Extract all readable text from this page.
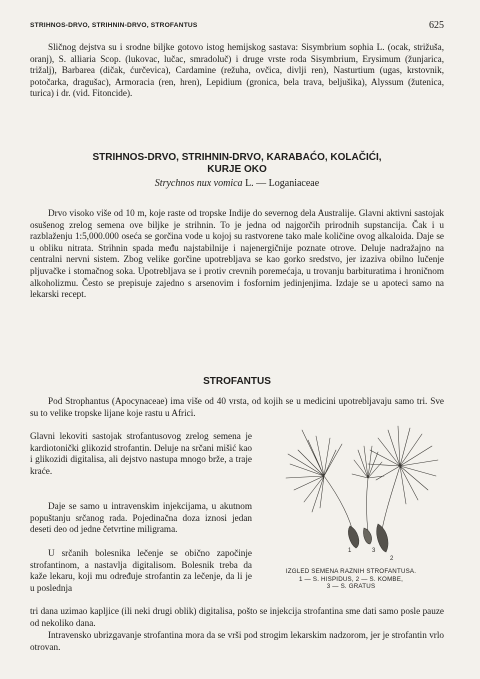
STRIHNOS-DRVO, STRIHNIN-DRVO, STROFANTUS	625

Sličnog dejstva su i srodne biljke gotovo istog hemijskog sastava: Sisymbrium sophia L. (ocak, strižuša, oranj), S. alliaria Scop. (lukovac, lučac, smradoluč) i druge vrste roda Sisymbrium, Erysimum (žunjarica, trižalj), Barbarea (dičak, ćurčevica), Cardamine (režuha, ovčica, divlji ren), Nasturtium (ugas, krstovnik, potočarka, dragušac), Armoracia (ren, hren), Lepidium (gronica, bela trava, beljušika), Alyssum (žutenica, turica) i dr. (vid. Fitoncide).

STRIHNOS-DRVO, STRIHNIN-DRVO, KARABAĆO, KOLAČIĆI,

KURJE OKO

Strychnos nux vomica L. — Loganiaceae

Drvo visoko više od 10 m, koje raste od tropske Indije do severnog dela Australije. Glavni aktivni sastojak osušenog zrelog semena ove biljke je strihnin. To je jedna od najgorčih prirodnih supstancija. Čak i u razblaženju 1:5,000.000 oseća se gorčina vode u kojoj su rastvorene tako male količine ovog alkaloida. Daje se u obliku nitrata. Strihnin spada među najstabilnije i najenergičnije poznate otrove. Deluje nadražajno na centralni nervni sistem. Zbog velike gorčine upotrebljava se kao gorko sredstvo, jer izaziva obilno lučenje pljuvačke i stomačnog soka. Upotrebljava se i protiv crevnih poremećaja, u trovanju barbituratima i hroničnom alkoholizmu. Često se prepisuje zajedno s arsenovim i fosfornim jedinjenjima. Izdaje se u apoteci samo na lekarski recept.

STROFANTUS

Pod Strophantus (Apocynaceae) ima više od 40 vrsta, od kojih se u medicini upotrebljavaju samo tri. Sve su to velike tropske lijane koje rastu u Africi.

Glavni lekoviti sastojak strofantusovog zrelog semena je kardiotonički glikozid strofantin. Deluje na srčani mišić kao i glikozidi digitalisa, ali dejstvo nastupa mnogo brže, a traje kraće.

Daje se samo u intravenskim injekcijama, u akutnom popuštanju srčanog rada. Pojedinačna doza iznosi jedan deseti deo od jedne četvrtine miligrama.

U srčanih bolesnika lečenje se obično započinje strofantinom, a nastavlja digitalisom. Bolesnik treba da kaže lekaru, koji mu određuje strofantin za lečenje, da li je u poslednja

tri dana uzimao kapljice (ili neki drugi oblik) digitalisa, pošto se injekcija strofantina sme dati samo posle pauze od nekoliko dana.

Intravensko ubrizgavanje strofantina mora da se vrši pod strogim lekarskim nadzorom, jer je strofantin vrlo otrovan.

1
2
3
IZGLED SEMENA RAZNIH STROFANTUSA.
1 — S. HISPIDUS, 2 — S. KOMBE,
3 — S. GRATUS
